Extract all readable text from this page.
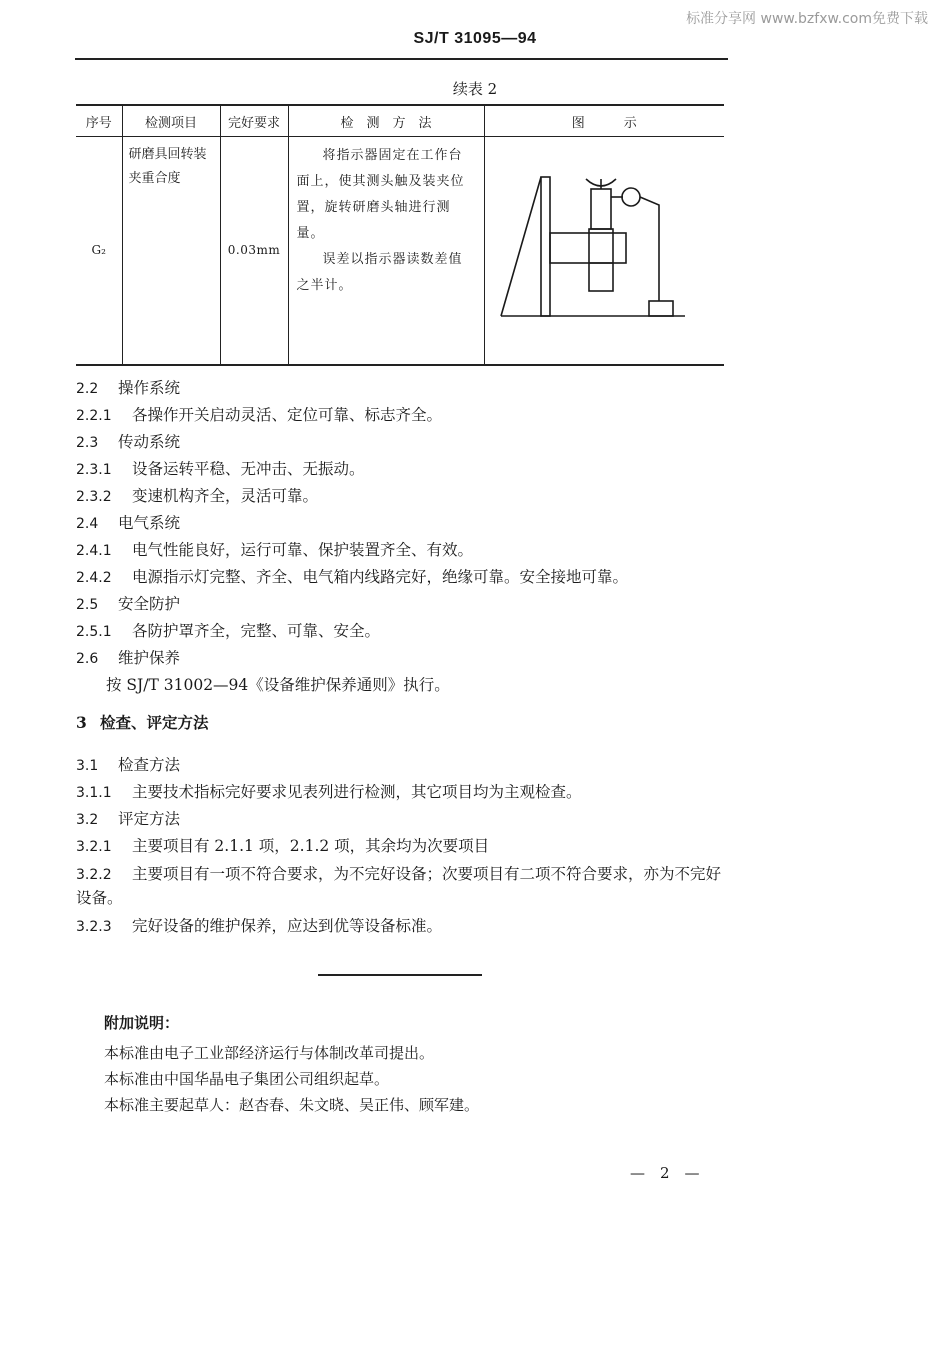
标准分享网 www.bzfxw.com免费下载
SJ/T 31095—94
续表 2
序号	检测项目	完好要求	检　测　方　法	图　　　示
G₂	研磨具回转装夹重合度	0.03mm	将指示器固定在工作台面上，使其测头触及装夹位置，旋转研磨头轴进行测量。

误差以指示器读数差值之半计。

2.2 操作系统
2.2.1 各操作开关启动灵活、定位可靠、标志齐全。
2.3 传动系统
2.3.1 设备运转平稳、无冲击、无振动。
2.3.2 变速机构齐全，灵活可靠。
2.4 电气系统
2.4.1 电气性能良好，运行可靠、保护装置齐全、有效。
2.4.2 电源指示灯完整、齐全、电气箱内线路完好，绝缘可靠。安全接地可靠。
2.5 安全防护
2.5.1 各防护罩齐全，完整、可靠、安全。
2.6 维护保养
按 SJ/T 31002—94《设备维护保养通则》执行。
3 检查、评定方法
3.1 检查方法
3.1.1 主要技术指标完好要求见表列进行检测，其它项目均为主观检查。
3.2 评定方法
3.2.1 主要项目有 2.1.1 项，2.1.2 项，其余均为次要项目
3.2.2 主要项目有一项不符合要求，为不完好设备；次要项目有二项不符合要求，亦为不完好
设备。
3.2.3 完好设备的维护保养，应达到优等设备标准。
附加说明：
本标准由电子工业部经济运行与体制改革司提出。
本标准由中国华晶电子集团公司组织起草。
本标准主要起草人：赵杏春、朱文晓、吴正伟、顾军建。
—　2　—
